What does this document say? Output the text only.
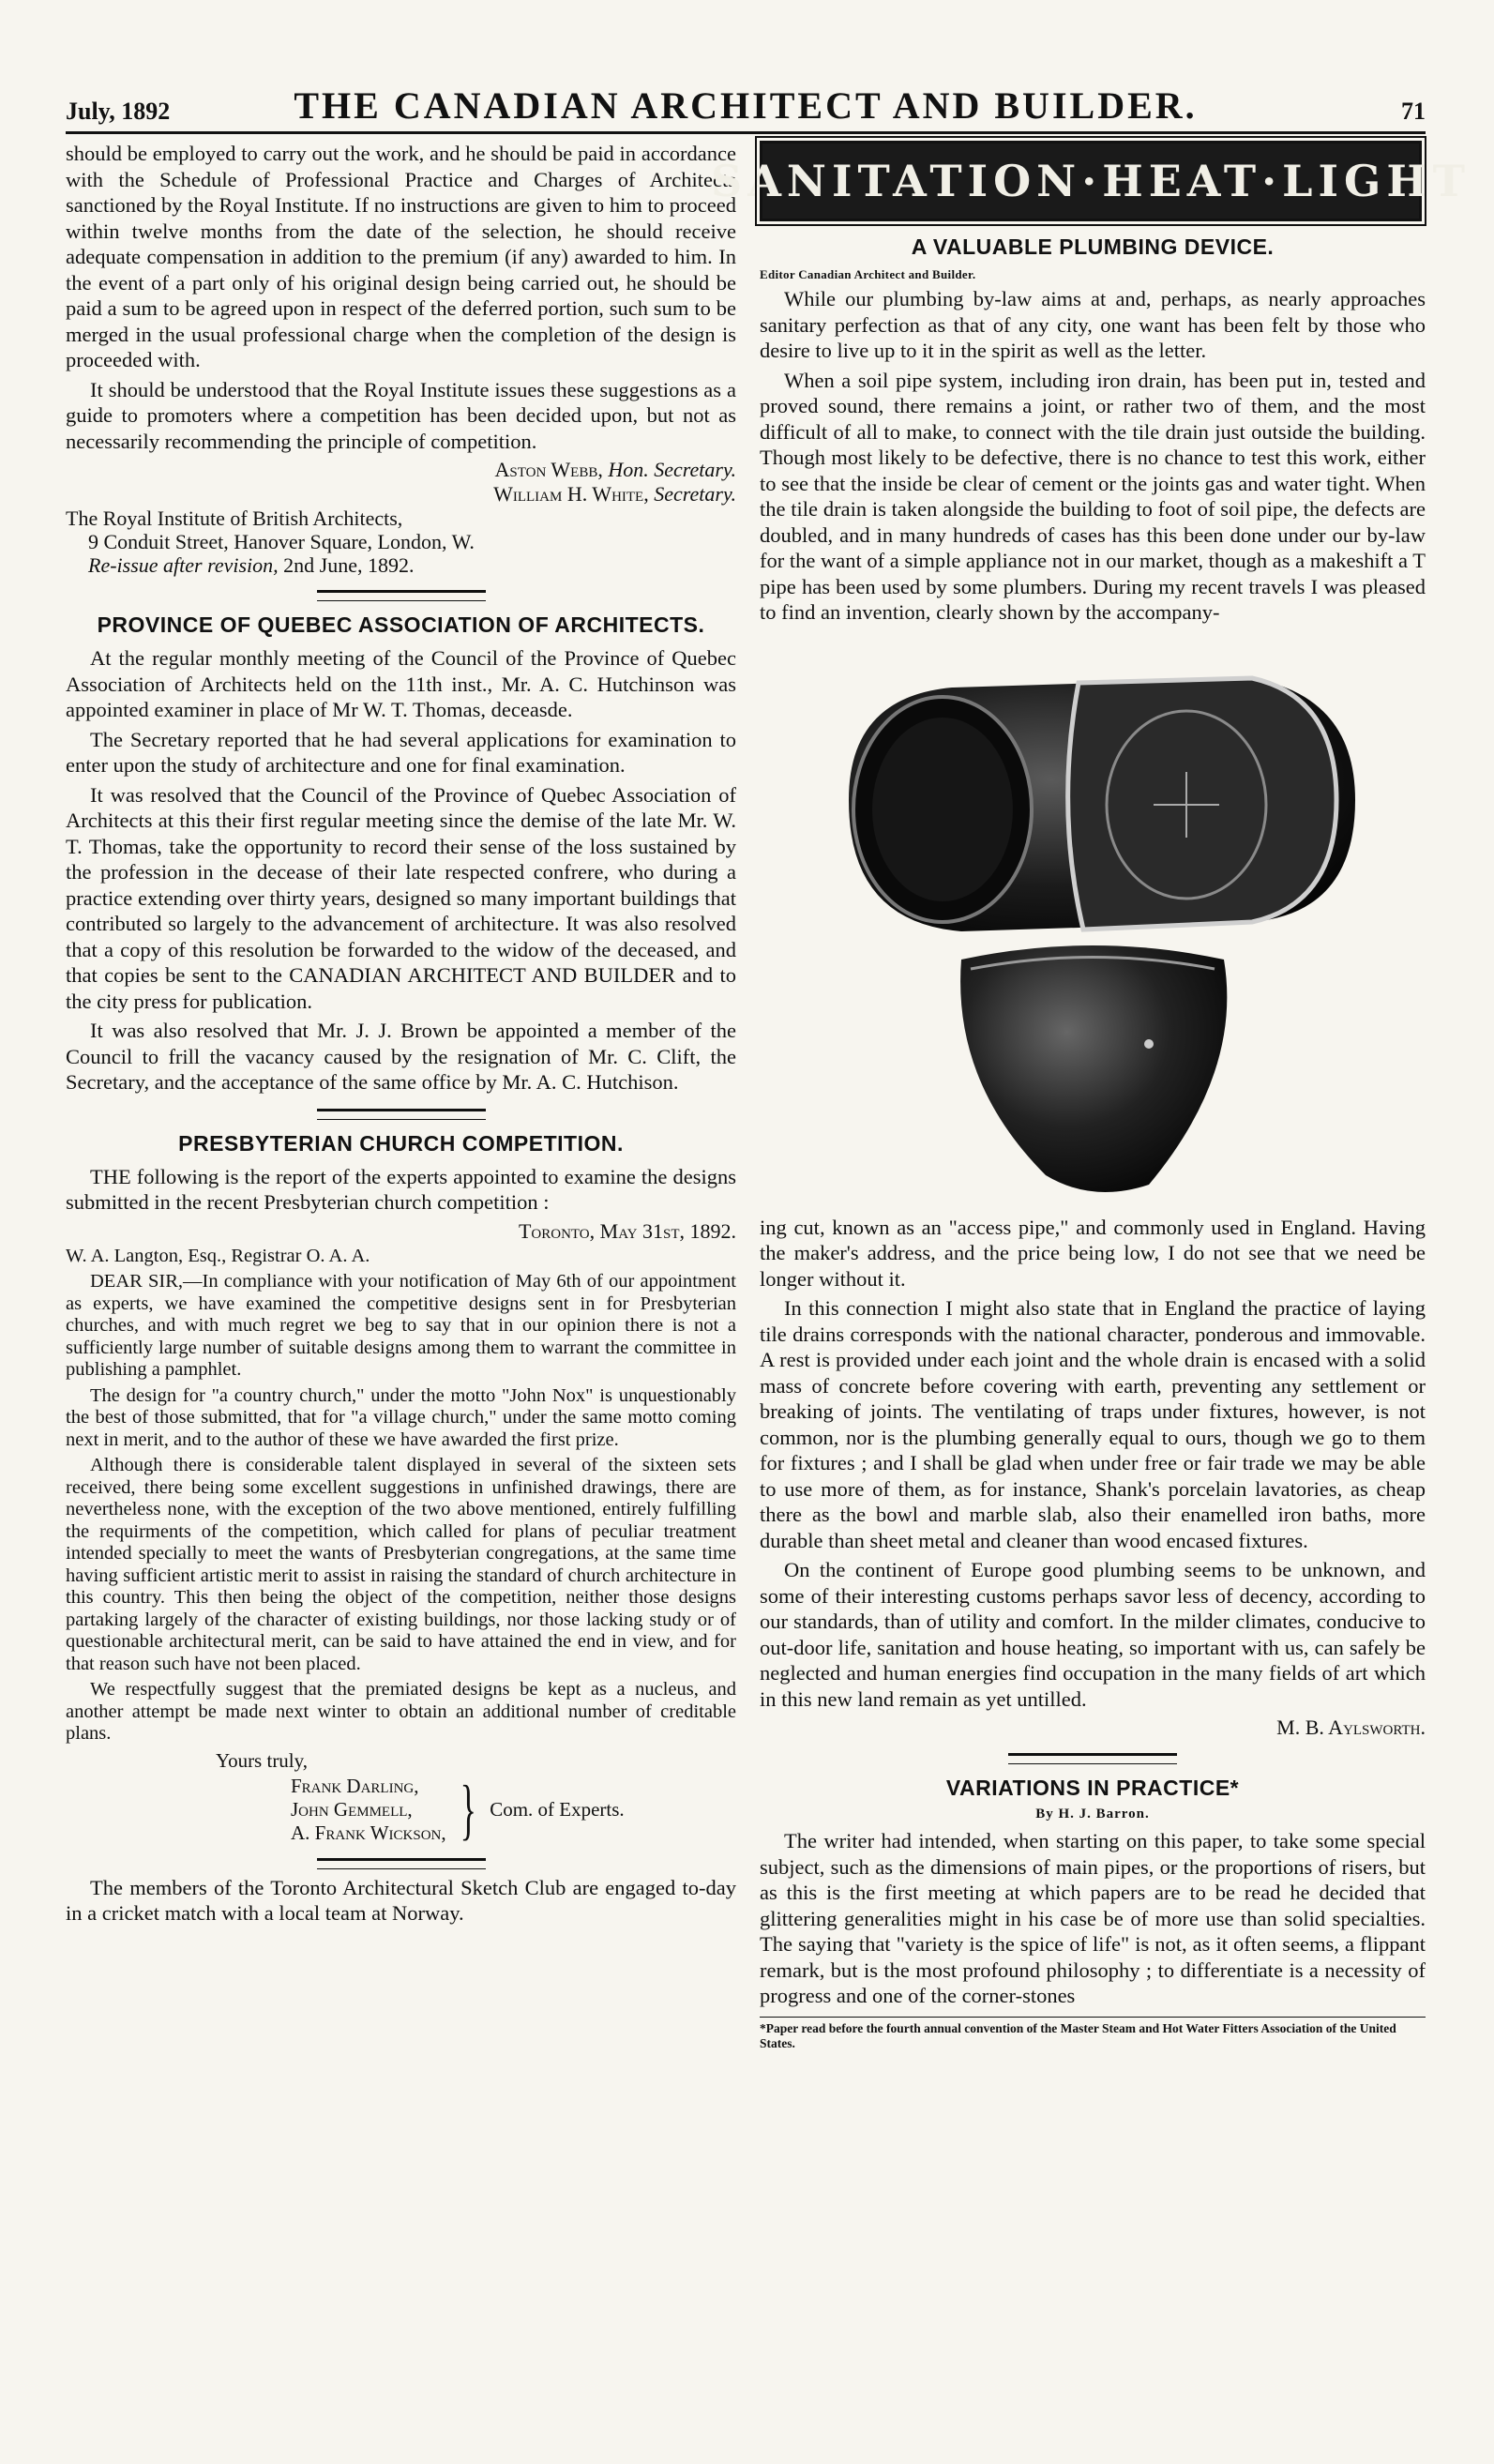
July, 1892	THE CANADIAN ARCHITECT AND BUILDER.	71

should be employed to carry out the work, and he should be paid in accordance with the Schedule of Professional Practice and Charges of Architects sanctioned by the Royal Institute. If no instructions are given to him to proceed within twelve months from the date of the selection, he should receive adequate compensation in addition to the premium (if any) awarded to him. In the event of a part only of his original design being carried out, he should be paid a sum to be agreed upon in respect of the deferred portion, such sum to be merged in the usual professional charge when the completion of the design is proceeded with.

It should be understood that the Royal Institute issues these suggestions as a guide to promoters where a competition has been decided upon, but not as necessarily recommending the principle of competition.

Aston Webb, Hon. Secretary.

William H. White, Secretary.

The Royal Institute of British Architects,
9 Conduit Street, Hanover Square, London, W.
Re-issue after revision, 2nd June, 1892.
PROVINCE OF QUEBEC ASSOCIATION OF ARCHITECTS.

At the regular monthly meeting of the Council of the Province of Quebec Association of Architects held on the 11th inst., Mr. A. C. Hutchinson was appointed examiner in place of Mr W. T. Thomas, deceasde.

The Secretary reported that he had several applications for examination to enter upon the study of architecture and one for final examination.

It was resolved that the Council of the Province of Quebec Association of Architects at this their first regular meeting since the demise of the late Mr. W. T. Thomas, take the opportunity to record their sense of the loss sustained by the profession in the decease of their late respected confrere, who during a practice extending over thirty years, designed so many important buildings that contributed so largely to the advancement of architecture. It was also resolved that a copy of this resolution be forwarded to the widow of the deceased, and that copies be sent to the CANADIAN ARCHITECT AND BUILDER and to the city press for publication.

It was also resolved that Mr. J. J. Brown be appointed a member of the Council to frill the vacancy caused by the resignation of Mr. C. Clift, the Secretary, and the acceptance of the same office by Mr. A. C. Hutchison.

PRESBYTERIAN CHURCH COMPETITION.

THE following is the report of the experts appointed to examine the designs submitted in the recent Presbyterian church competition :

Toronto, May 31st, 1892.

W. A. Langton, Esq., Registrar O. A. A.

DEAR SIR,—In compliance with your notification of May 6th of our appointment as experts, we have examined the competitive designs sent in for Presbyterian churches, and with much regret we beg to say that in our opinion there is not a sufficiently large number of suitable designs among them to warrant the committee in publishing a pamphlet.

The design for "a country church," under the motto "John Nox" is unquestionably the best of those submitted, that for "a village church," under the same motto coming next in merit, and to the author of these we have awarded the first prize.

Although there is considerable talent displayed in several of the sixteen sets received, there being some excellent suggestions in unfinished drawings, there are nevertheless none, with the exception of the two above mentioned, entirely fulfilling the requirments of the competition, which called for plans of peculiar treatment intended specially to meet the wants of Presbyterian congregations, at the same time having sufficient artistic merit to assist in raising the standard of church architecture in this country. This then being the object of the competition, neither those designs partaking largely of the character of existing buildings, nor those lacking study or of questionable architectural merit, can be said to have attained the end in view, and for that reason such have not been placed.

We respectfully suggest that the premiated designs be kept as a nucleus, and another attempt be made next winter to obtain an additional number of creditable plans.

Yours truly,
Frank Darling,
John Gemmell,
A. Frank Wickson, } Com. of Experts.

The members of the Toronto Architectural Sketch Club are engaged to-day in a cricket match with a local team at Norway.

SANITATION·HEAT·LIGHT
A VALUABLE PLUMBING DEVICE.
Editor Canadian Architect and Builder.

While our plumbing by-law aims at and, perhaps, as nearly approaches sanitary perfection as that of any city, one want has been felt by those who desire to live up to it in the spirit as well as the letter.

When a soil pipe system, including iron drain, has been put in, tested and proved sound, there remains a joint, or rather two of them, and the most difficult of all to make, to connect with the tile drain just outside the building. Though most likely to be defective, there is no chance to test this work, either to see that the inside be clear of cement or the joints gas and water tight. When the tile drain is taken alongside the building to foot of soil pipe, the defects are doubled, and in many hundreds of cases has this been done under our by-law for the want of a simple appliance not in our market, though as a makeshift a T pipe has been used by some plumbers. During my recent travels I was pleased to find an invention, clearly shown by the accompany-

ing cut, known as an "access pipe," and commonly used in England. Having the maker's address, and the price being low, I do not see that we need be longer without it.

In this connection I might also state that in England the practice of laying tile drains corresponds with the national character, ponderous and immovable. A rest is provided under each joint and the whole drain is encased with a solid mass of concrete before covering with earth, preventing any settlement or breaking of joints. The ventilating of traps under fixtures, however, is not common, nor is the plumbing generally equal to ours, though we go to them for fixtures ; and I shall be glad when under free or fair trade we may be able to use more of them, as for instance, Shank's porcelain lavatories, as cheap there as the bowl and marble slab, also their enamelled iron baths, more durable than sheet metal and cleaner than wood encased fixtures.

On the continent of Europe good plumbing seems to be unknown, and some of their interesting customs perhaps savor less of decency, according to our standards, than of utility and comfort. In the milder climates, conducive to out-door life, sanitation and house heating, so important with us, can safely be neglected and human energies find occupation in the many fields of art which in this new land remain as yet untilled.

M. B. Aylsworth.

VARIATIONS IN PRACTICE*
By H. J. Barron.

The writer had intended, when starting on this paper, to take some special subject, such as the dimensions of main pipes, or the proportions of risers, but as this is the first meeting at which papers are to be read he decided that glittering generalities might in his case be of more use than solid specialties. The saying that "variety is the spice of life" is not, as it often seems, a flippant remark, but is the most profound philosophy ; to differentiate is a necessity of progress and one of the corner-stones

*Paper read before the fourth annual convention of the Master Steam and Hot Water Fitters Association of the United States.
